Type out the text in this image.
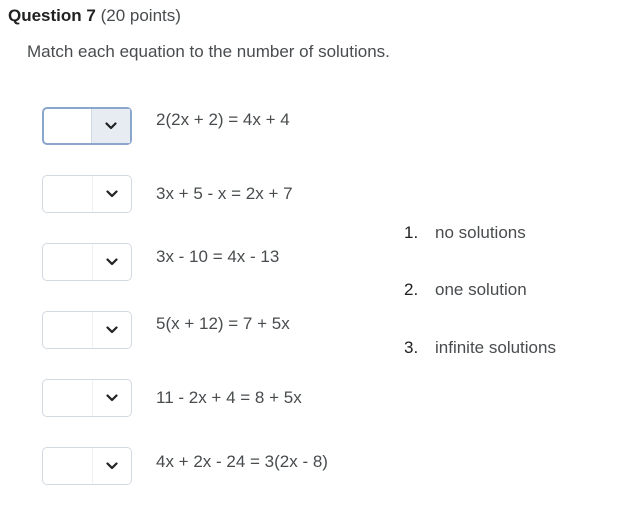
Question 7 (20 points)
Match each equation to the number of solutions.
2(2x + 2) = 4x + 4
3x + 5 - x = 2x + 7
3x - 10 = 4x - 13
5(x + 12) = 7 + 5x
11 - 2x + 4 = 8 + 5x
4x + 2x - 24 = 3(2x - 8)
1. no solutions
2. one solution
3. infinite solutions
